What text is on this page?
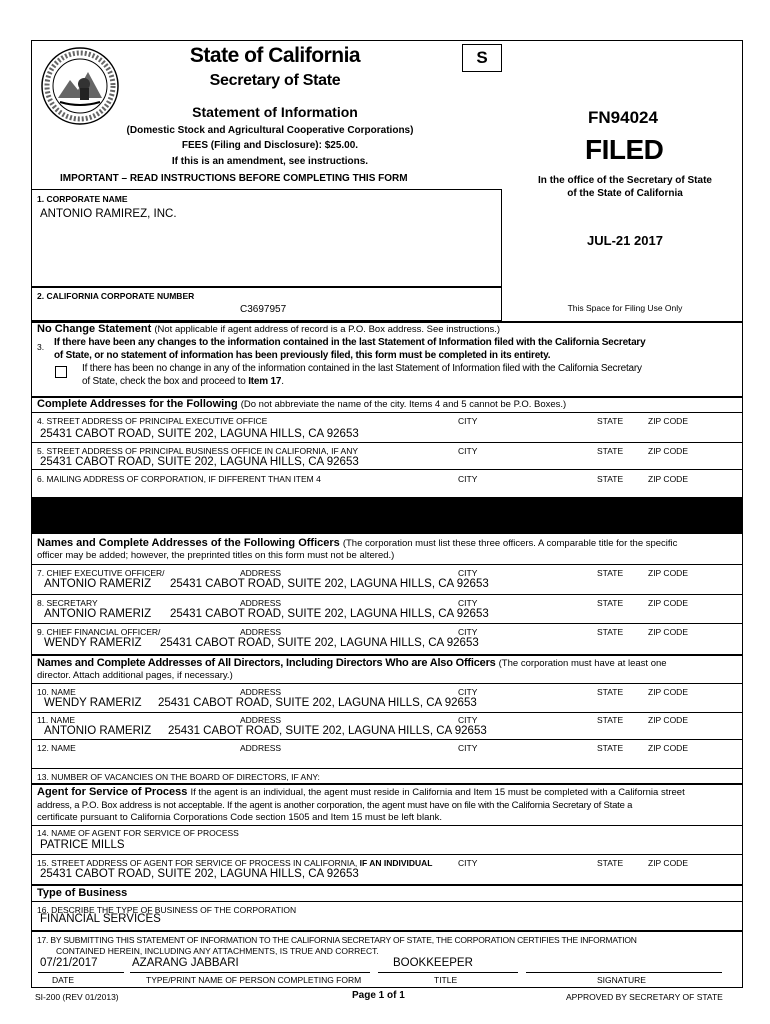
State of California
Secretary of State
S
Statement of Information
(Domestic Stock and Agricultural Cooperative Corporations)
FEES (Filing and Disclosure): $25.00.
If this is an amendment, see instructions.
IMPORTANT – READ INSTRUCTIONS BEFORE COMPLETING THIS FORM
FN94024
FILED
In the office of the Secretary of State
of the State of California
JUL-21 2017
This Space for Filing Use Only
1. CORPORATE NAME
ANTONIO RAMIREZ, INC.
2. CALIFORNIA CORPORATE NUMBER
C3697957
No Change Statement (Not applicable if agent address of record is a P.O. Box address. See instructions.)
3. If there have been any changes to the information contained in the last Statement of Information filed with the California Secretary
of State, or no statement of information has been previously filed, this form must be completed in its entirety.
If there has been no change in any of the information contained in the last Statement of Information filed with the California Secretary
of State, check the box and proceed to Item 17.
Complete Addresses for the Following (Do not abbreviate the name of the city. Items 4 and 5 cannot be P.O. Boxes.)
4. STREET ADDRESS OF PRINCIPAL EXECUTIVE OFFICE	CITY	STATE	ZIP CODE
25431 CABOT ROAD, SUITE 202, LAGUNA HILLS, CA 92653
5. STREET ADDRESS OF PRINCIPAL BUSINESS OFFICE IN CALIFORNIA, IF ANY	CITY	STATE	ZIP CODE
25431 CABOT ROAD, SUITE 202, LAGUNA HILLS, CA 92653
6. MAILING ADDRESS OF CORPORATION, IF DIFFERENT THAN ITEM 4	CITY	STATE	ZIP CODE
Names and Complete Addresses of the Following Officers (The corporation must list these three officers. A comparable title for the specific
officer may be added; however, the preprinted titles on this form must not be altered.)
7. CHIEF EXECUTIVE OFFICER/	ADDRESS	CITY	STATE	ZIP CODE
ANTONIO RAMERIZ 25431 CABOT ROAD, SUITE 202, LAGUNA HILLS, CA 92653
8. SECRETARY	ADDRESS	CITY	STATE	ZIP CODE
ANTONIO RAMERIZ 25431 CABOT ROAD, SUITE 202, LAGUNA HILLS, CA 92653
9. CHIEF FINANCIAL OFFICER/	ADDRESS	CITY	STATE	ZIP CODE
WENDY RAMERIZ 25431 CABOT ROAD, SUITE 202, LAGUNA HILLS, CA 92653
Names and Complete Addresses of All Directors, Including Directors Who are Also Officers (The corporation must have at least one
director. Attach additional pages, if necessary.)
10. NAME	ADDRESS	CITY	STATE	ZIP CODE
WENDY RAMERIZ 25431 CABOT ROAD, SUITE 202, LAGUNA HILLS, CA 92653
11. NAME	ADDRESS	CITY	STATE	ZIP CODE
ANTONIO RAMERIZ 25431 CABOT ROAD, SUITE 202, LAGUNA HILLS, CA 92653
12. NAME	ADDRESS	CITY	STATE	ZIP CODE
13. NUMBER OF VACANCIES ON THE BOARD OF DIRECTORS, IF ANY:
Agent for Service of Process If the agent is an individual, the agent must reside in California and Item 15 must be completed with a California street
address, a P.O. Box address is not acceptable. If the agent is another corporation, the agent must have on file with the California Secretary of State a
certificate pursuant to California Corporations Code section 1505 and Item 15 must be left blank.
14. NAME OF AGENT FOR SERVICE OF PROCESS
PATRICE MILLS
15. STREET ADDRESS OF AGENT FOR SERVICE OF PROCESS IN CALIFORNIA, IF AN INDIVIDUAL	CITY	STATE	ZIP CODE
25431 CABOT ROAD, SUITE 202, LAGUNA HILLS, CA 92653
Type of Business
16. DESCRIBE THE TYPE OF BUSINESS OF THE CORPORATION
FINANCIAL SERVICES
17. BY SUBMITTING THIS STATEMENT OF INFORMATION TO THE CALIFORNIA SECRETARY OF STATE, THE CORPORATION CERTIFIES THE INFORMATION
CONTAINED HEREIN, INCLUDING ANY ATTACHMENTS, IS TRUE AND CORRECT.
07/21/2017	AZARANG JABBARI	BOOKKEEPER
DATE	TYPE/PRINT NAME OF PERSON COMPLETING FORM	TITLE	SIGNATURE
SI-200 (REV 01/2013)	Page 1 of 1	APPROVED BY SECRETARY OF STATE
